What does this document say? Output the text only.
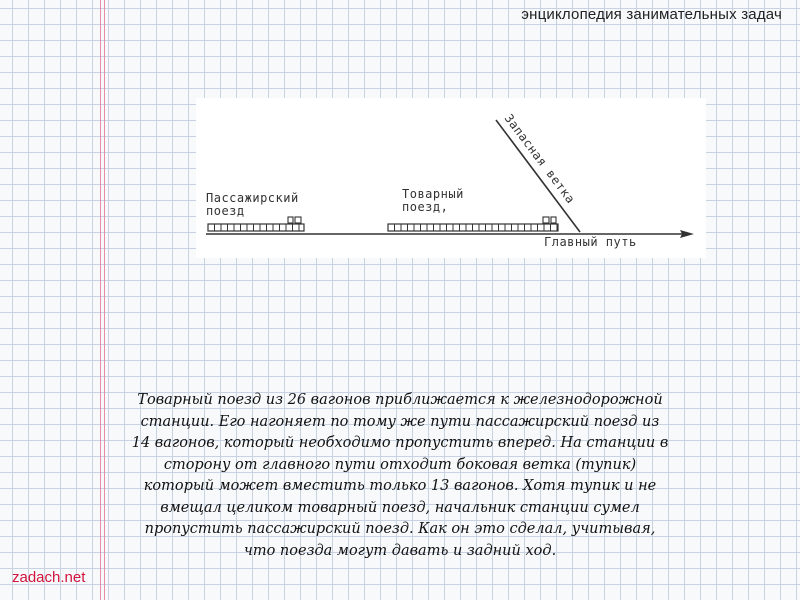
энциклопедия занимательных задач
Пассажирский
поезд
Товарный
поезд,
Запасная ветка
Главный путь
Товарный поезд из 26 вагонов приближается к железнодорожной станции. Его нагоняет по тому же пути пассажирский поезд из 14 вагонов, который необходимо пропустить вперед. На станции в сторону от главного пути отходит боковая ветка (тупик) который может вместить только 13 вагонов. Хотя тупик и не вмещал целиком товарный поезд, начальник станции сумел пропустить пассажирский поезд. Как он это сделал, учитывая, что поезда могут давать и задний ход.
zadach.net
